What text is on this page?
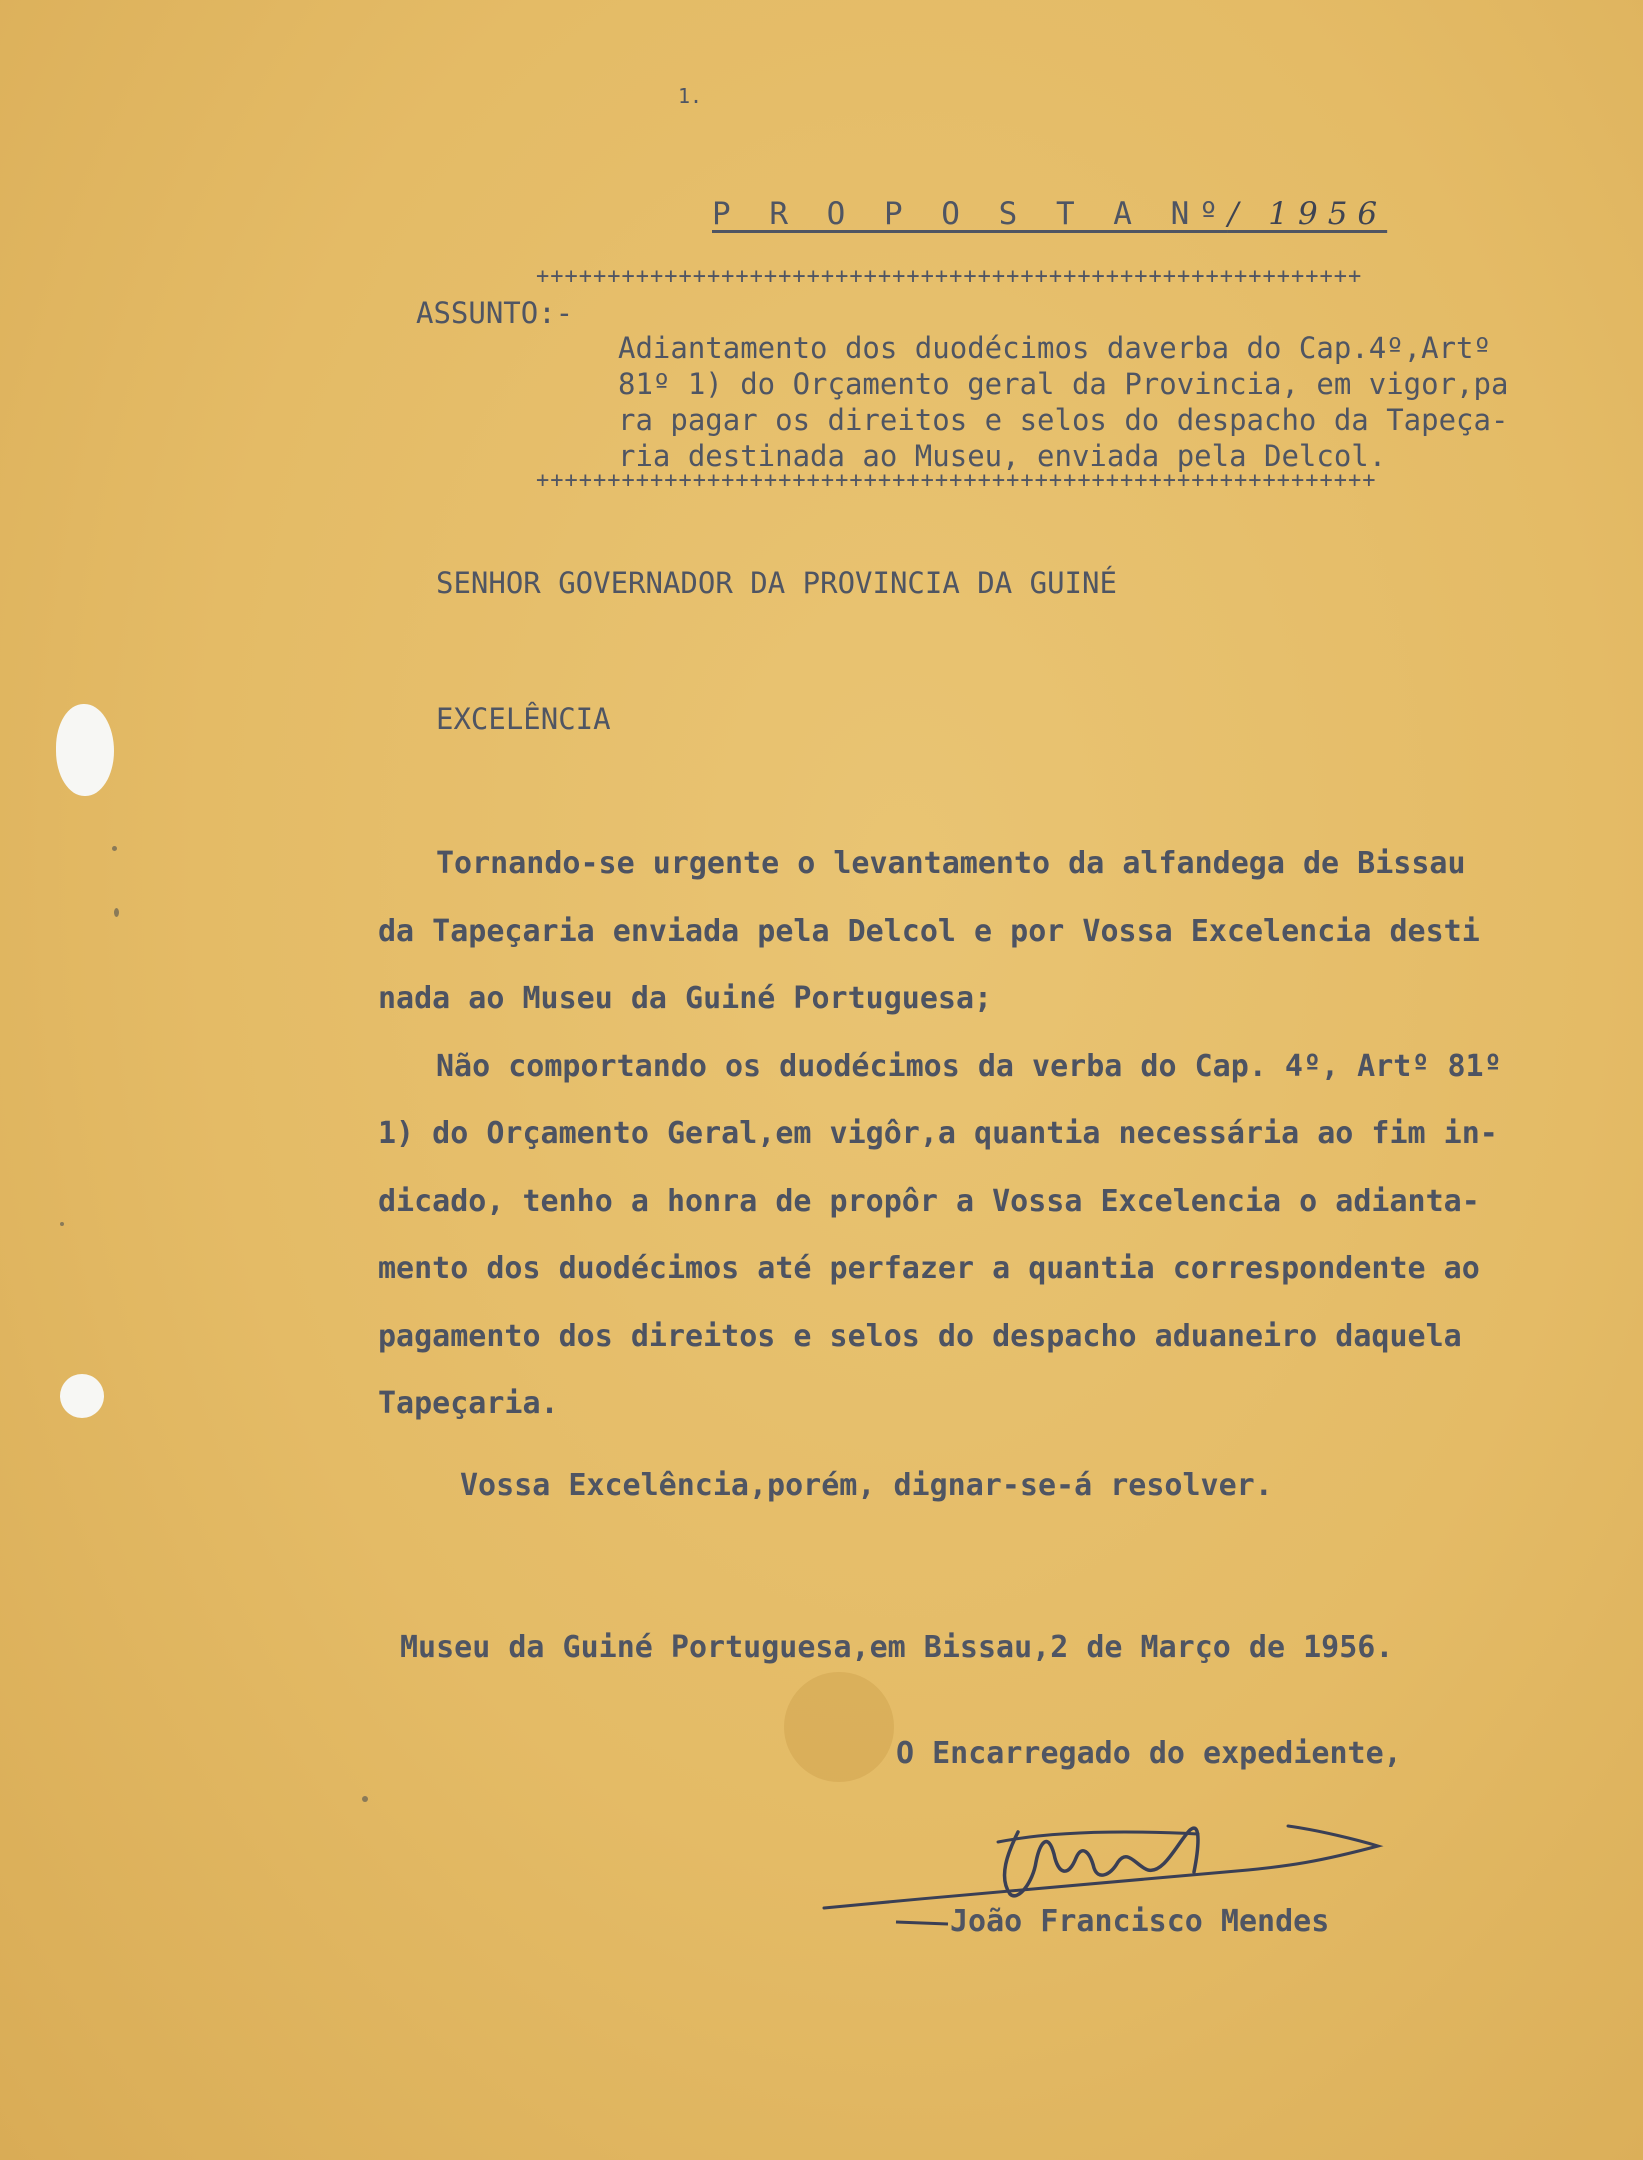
1.
P R O P O S T A Nº/ 1956
++++++++++++++++++++++++++++++++++++++++++++++++++++++++++
ASSUNTO:-
Adiantamento dos duodécimos daverba do Cap.4º,Artº
81º 1) do Orçamento geral da Provincia, em vigor,pa
ra pagar os direitos e selos do despacho da Tapeça-
ria destinada ao Museu, enviada pela Delcol.
+++++++++++++++++++++++++++++++++++++++++++++++++++++++++++
SENHOR GOVERNADOR DA PROVINCIA DA GUINÉ
EXCELÊNCIA
Tornando-se urgente o levantamento da alfandega de Bissau
da Tapeçaria enviada pela Delcol e por Vossa Excelencia desti
nada ao Museu da Guiné Portuguesa;
Não comportando os duodécimos da verba do Cap. 4º, Artº 81º
1) do Orçamento Geral,em vigôr,a quantia necessária ao fim in-
dicado, tenho a honra de propôr a Vossa Excelencia o adianta-
mento dos duodécimos até perfazer a quantia correspondente ao
pagamento dos direitos e selos do despacho aduaneiro daquela
Tapeçaria.
Vossa Excelência,porém, dignar-se-á resolver.
Museu da Guiné Portuguesa,em Bissau,2 de Março de 1956.
O Encarregado do expediente,
João Francisco Mendes
